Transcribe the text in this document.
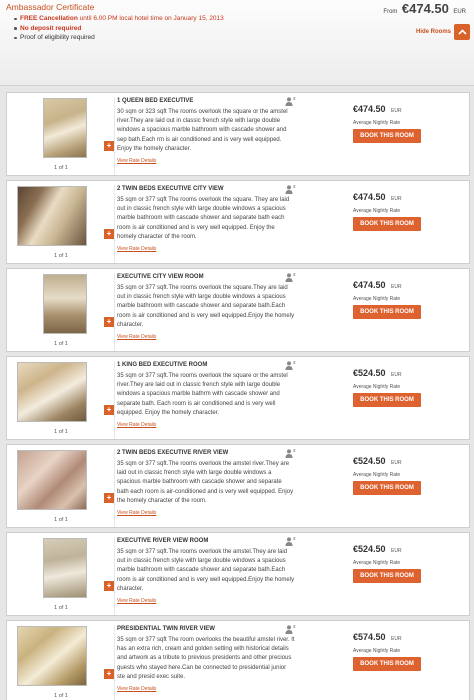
Ambassador Certificate
FREE Cancellation until 6.00 PM local hotel time on January 15, 2013
No deposit required
Proof of eligibility required
From €474.50 EUR
Hide Rooms
+
1 of 1
1 QUEEN BED EXECUTIVE
30 sqm or 323 sqft The rooms overlook the square or the amstel river.They are laid out in classic french style with large double windows a spacious marble bathroom with cascade shower and sep bath.Each rm is air conditioned and is very well equipped. Enjoy the homely character.
View Rate Details
2
€474.50 EUR
Average Nightly Rate
BOOK THIS ROOM
+
1 of 1
2 TWIN BEDS EXECUTIVE CITY VIEW
35 sqm or 377 sqft The rooms overlook the square. They are laid out in classic french style with large double windows a spacious marble bathroom with cascade shower and separate bath each room is air conditioned and is very well equipped. Enjoy the homely character of the room.
View Rate Details
2
€474.50 EUR
Average Nightly Rate
BOOK THIS ROOM
+
1 of 1
EXECUTIVE CITY VIEW ROOM
35 sqm or 377 sqft.The rooms overlook the square.They are laid out in classic french style with large double windows a spacious marble bathroom with cascade shower and separate bath.Each room is air conditioned and is very well equipped.Enjoy the homely character.
View Rate Details
2
€474.50 EUR
Average Nightly Rate
BOOK THIS ROOM
+
1 of 1
1 KING BED EXECUTIVE ROOM
35 sqm or 377 sqft.The rooms overlook the square or the amstel river.They are laid out in classic french style with large double windows a spacious marble bathrm with cascade shower and separate bath. Each room is air conditioned and is very well equipped. Enjoy the homely character.
View Rate Details
2
€524.50 EUR
Average Nightly Rate
BOOK THIS ROOM
+
1 of 1
2 TWIN BEDS EXECUTIVE RIVER VIEW
35 sqm or 377 sqft.The rooms overlook the amstel river.They are laid out in classic french style with large double windows a spacious marble bathroom with cascade shower and separate bath each room is air-conditioned and is very well equipped. Enjoy the homely character of the room.
View Rate Details
2
€524.50 EUR
Average Nightly Rate
BOOK THIS ROOM
+
1 of 1
EXECUTIVE RIVER VIEW ROOM
35 sqm or 377 sqft.The rooms overlook the amstel.They are laid out in classic french style with large double windows a spacious marble bathroom with cascade shower and separate bath.Each room is air conditioned and is very well equipped.Enjoy the homely character.
View Rate Details
2
€524.50 EUR
Average Nightly Rate
BOOK THIS ROOM
+
1 of 1
PRESIDENTIAL TWIN RIVER VIEW
35 sqm or 377 sqft The room overlooks the beautiful amstel river. It has an extra rich, cream and golden setting with historical details and artwork as a tribute to previous presidents and other precious guests who stayed here.Can be connected to presidential junior ste and presid exec suite.
View Rate Details
2
€574.50 EUR
Average Nightly Rate
BOOK THIS ROOM
